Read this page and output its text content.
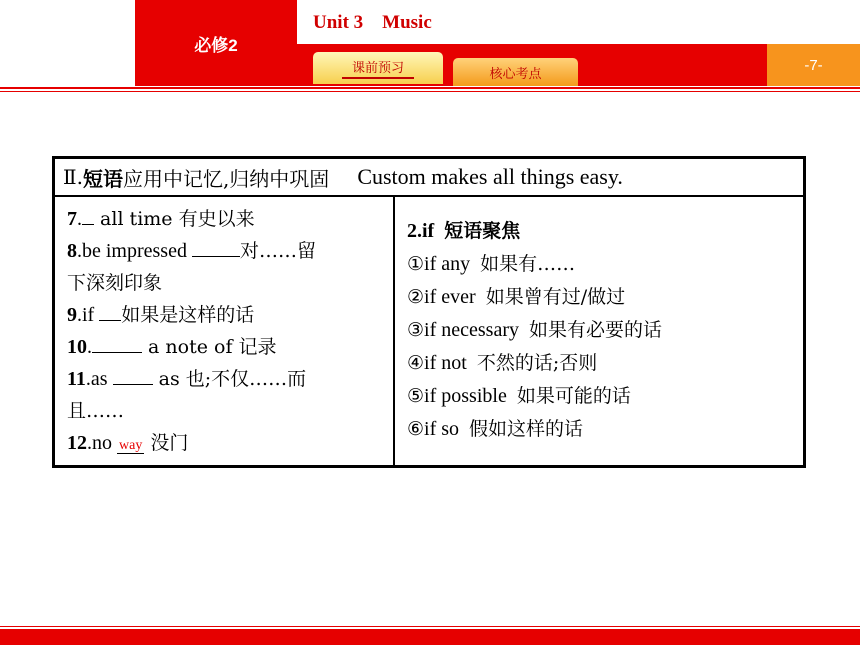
必修2
Unit 3    Music
课前预习	核心考点
-7-
Ⅱ. 短语 应用中记忆,归纳中巩固 Custom makes all things easy.
7. all time 有史以来
8.be impressed	对……留
下深刻印象
9.if 如果是这样的话
10.	a note of 记录
11.as  as 也;不仅……而
且……
12.no way 没门
2.if 短语聚焦
①if any 如果有……
②if ever 如果曾有过/做过
③if necessary 如果有必要的话
④if not 不然的话;否则
⑤if possible 如果可能的话
⑥if so 假如这样的话
